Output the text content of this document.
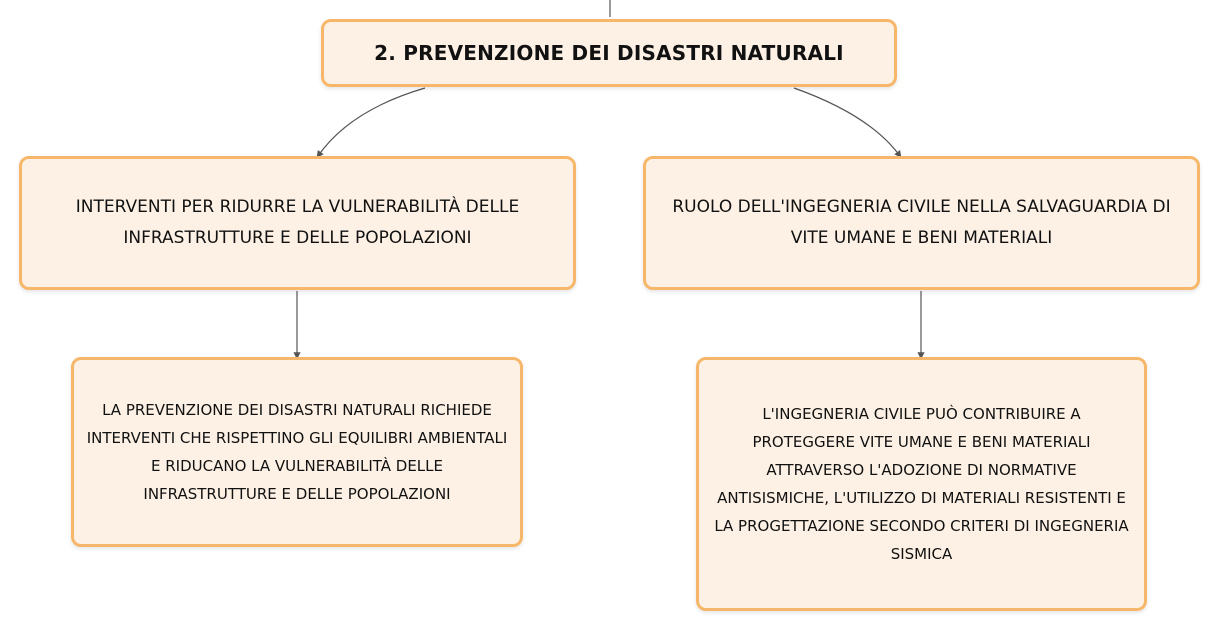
2. PREVENZIONE DEI DISASTRI NATURALI
INTERVENTI PER RIDURRE LA VULNERABILITÀ DELLE INFRASTRUTTURE E DELLE POPOLAZIONI
RUOLO DELL'INGEGNERIA CIVILE NELLA SALVAGUARDIA DI VITE UMANE E BENI MATERIALI
LA PREVENZIONE DEI DISASTRI NATURALI RICHIEDE INTERVENTI CHE RISPETTINO GLI EQUILIBRI AMBIENTALI E RIDUCANO LA VULNERABILITÀ DELLE INFRASTRUTTURE E DELLE POPOLAZIONI
L'INGEGNERIA CIVILE PUÒ CONTRIBUIRE A PROTEGGERE VITE UMANE E BENI MATERIALI ATTRAVERSO L'ADOZIONE DI NORMATIVE ANTISISMICHE, L'UTILIZZO DI MATERIALI RESISTENTI E LA PROGETTAZIONE SECONDO CRITERI DI INGEGNERIA SISMICA
